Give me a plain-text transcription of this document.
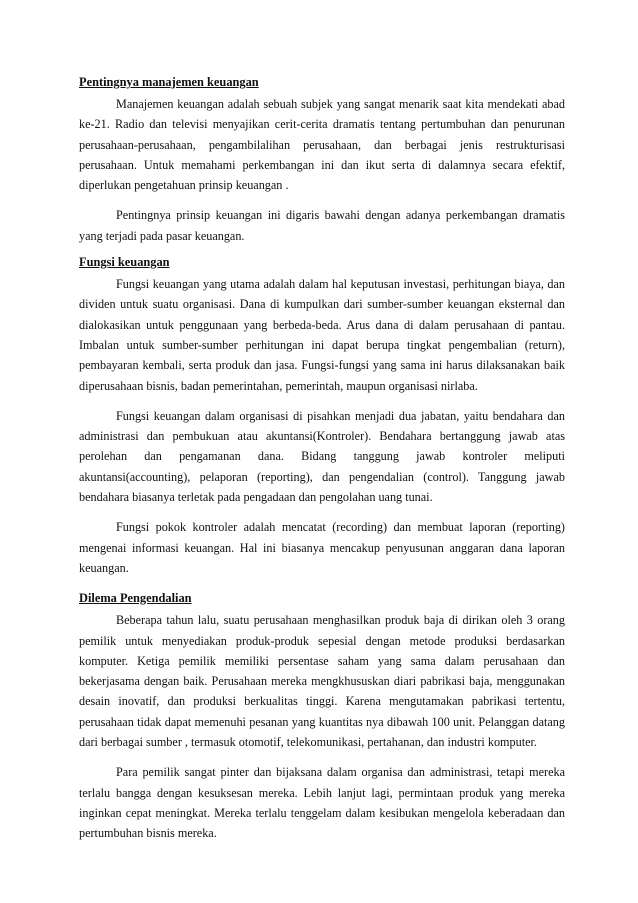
Pentingnya manajemen keuangan

Manajemen keuangan adalah sebuah subjek yang sangat menarik saat kita mendekati abad ke-21. Radio dan televisi menyajikan cerit-cerita dramatis tentang pertumbuhan dan penurunan perusahaan-perusahaan, pengambilalihan perusahaan, dan berbagai jenis restrukturisasi perusahaan. Untuk memahami perkembangan ini dan ikut serta di dalamnya secara efektif, diperlukan pengetahuan prinsip keuangan .

Pentingnya prinsip keuangan ini digaris bawahi dengan adanya perkembangan dramatis yang terjadi pada pasar keuangan.

Fungsi keuangan

Fungsi keuangan yang utama adalah dalam hal keputusan investasi, perhitungan biaya, dan dividen untuk suatu organisasi. Dana di kumpulkan dari sumber-sumber keuangan eksternal dan dialokasikan untuk penggunaan yang berbeda-beda. Arus dana di dalam perusahaan di pantau. Imbalan untuk sumber-sumber perhitungan ini dapat berupa tingkat pengembalian (return), pembayaran kembali, serta produk dan jasa. Fungsi-fungsi yang sama ini harus dilaksanakan baik diperusahaan bisnis, badan pemerintahan, pemerintah, maupun organisasi nirlaba.

Fungsi keuangan dalam organisasi di pisahkan menjadi dua jabatan, yaitu bendahara dan administrasi dan pembukuan atau akuntansi(Kontroler). Bendahara bertanggung jawab atas perolehan dan pengamanan dana. Bidang tanggung jawab kontroler meliputi akuntansi(accounting), pelaporan (reporting), dan pengendalian (control). Tanggung jawab bendahara biasanya terletak pada pengadaan dan pengolahan uang tunai.

Fungsi pokok kontroler adalah mencatat (recording) dan membuat laporan (reporting) mengenai informasi keuangan. Hal ini biasanya mencakup penyusunan anggaran dana laporan keuangan.

Dilema Pengendalian

Beberapa tahun lalu, suatu perusahaan menghasilkan produk baja di dirikan oleh 3 orang pemilik untuk menyediakan produk-produk sepesial dengan metode produksi berdasarkan komputer. Ketiga pemilik memiliki persentase saham yang sama dalam perusahaan dan bekerjasama dengan baik. Perusahaan mereka mengkhususkan diari pabrikasi baja, menggunakan desain inovatif, dan produksi berkualitas tinggi. Karena mengutamakan pabrikasi tertentu, perusahaan tidak dapat memenuhi pesanan yang kuantitas nya dibawah 100 unit. Pelanggan datang dari berbagai sumber , termasuk otomotif, telekomunikasi, pertahanan, dan industri komputer.

Para pemilik sangat pinter dan bijaksana dalam organisa dan administrasi, tetapi mereka terlalu bangga dengan kesuksesan mereka. Lebih lanjut lagi, permintaan produk yang mereka inginkan cepat meningkat. Mereka terlalu tenggelam dalam kesibukan mengelola keberadaan dan pertumbuhan bisnis mereka.
